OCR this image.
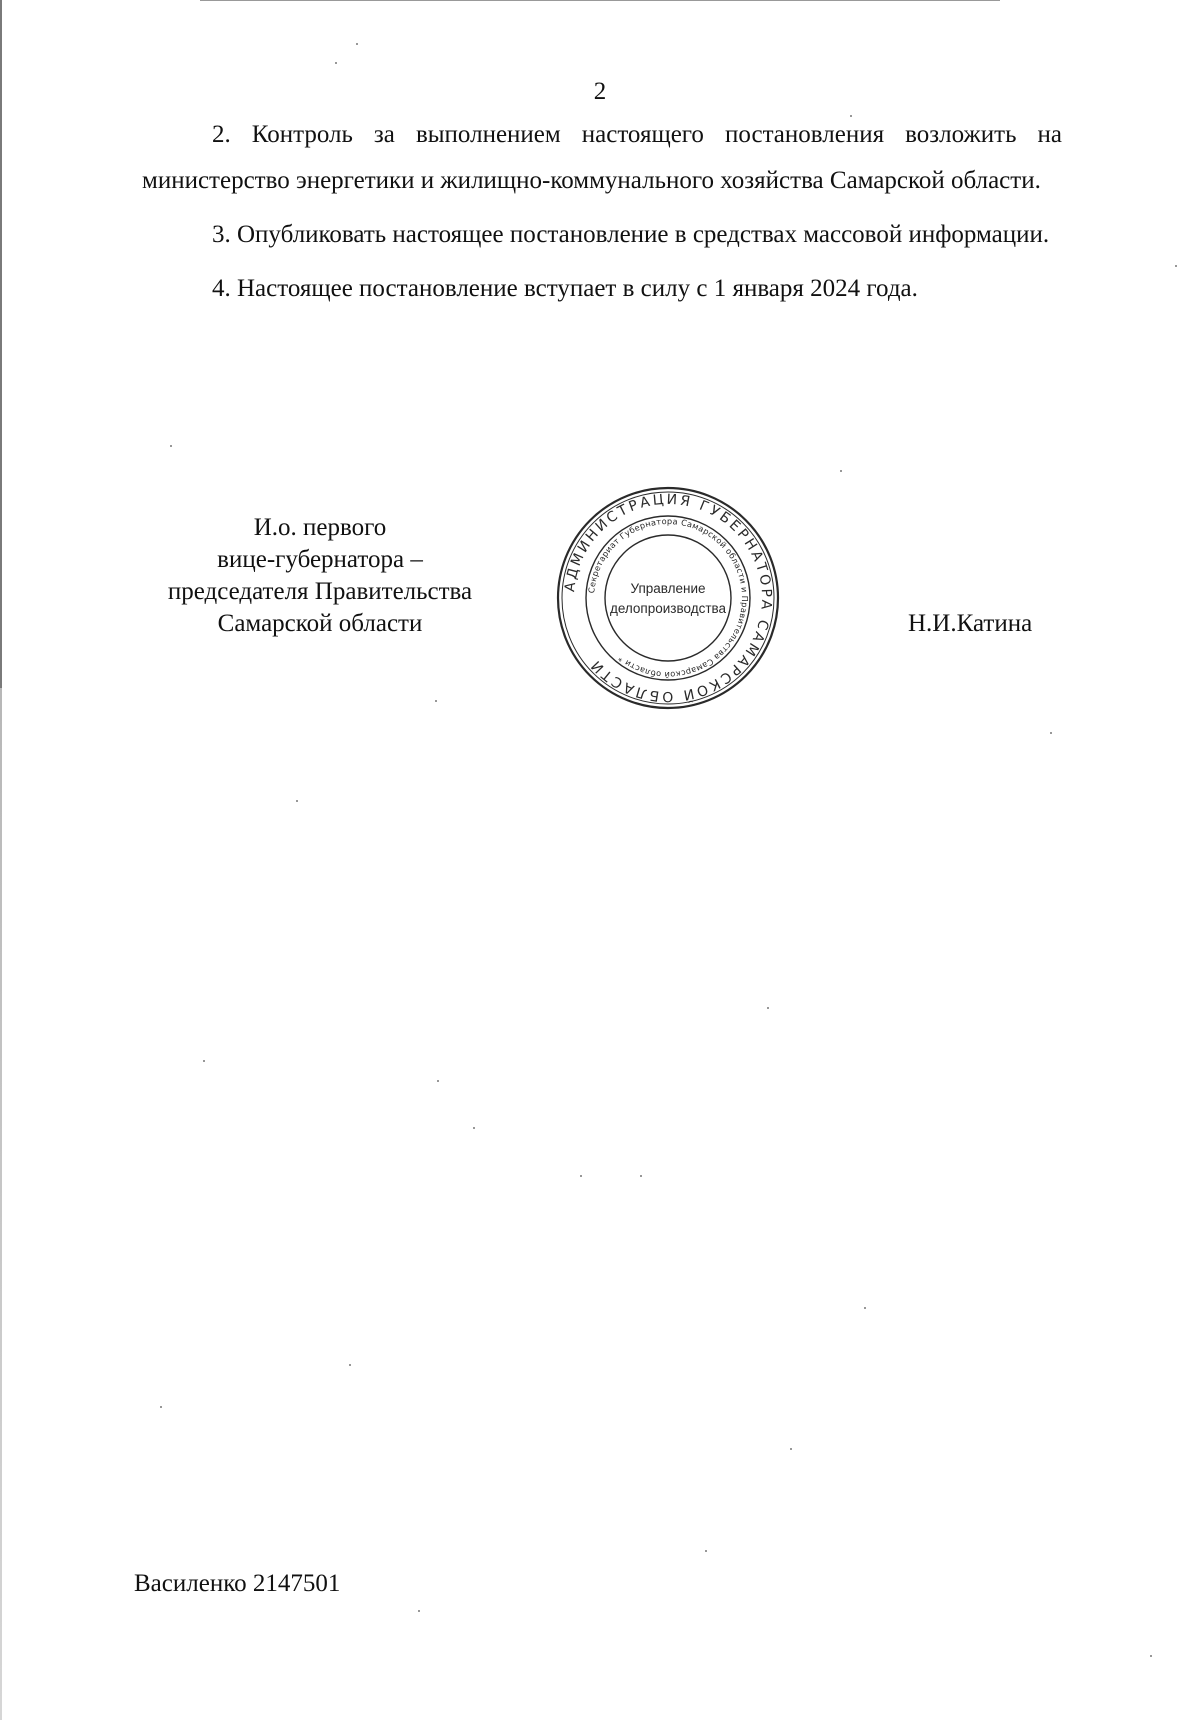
2

2. Контроль за выполнением настоящего постановления возложить на министерство энергетики и жилищно-коммунального хозяйства Самарской области.

3. Опубликовать настоящее постановление в средствах массовой информации.

4. Настоящее постановление вступает в силу с 1 января 2024 года.

И.о. первого
вице-губернатора –
председателя Правительства
Самарской области
АДМИНИСТРАЦИЯ ГУБЕРНАТОРА САМАРСКОЙ ОБЛАСТИ
Секретариат Губернатора Самарской области и Правительства Самарской области *
Управление
делопроизводства
Н.И.Катина
Василенко 2147501
